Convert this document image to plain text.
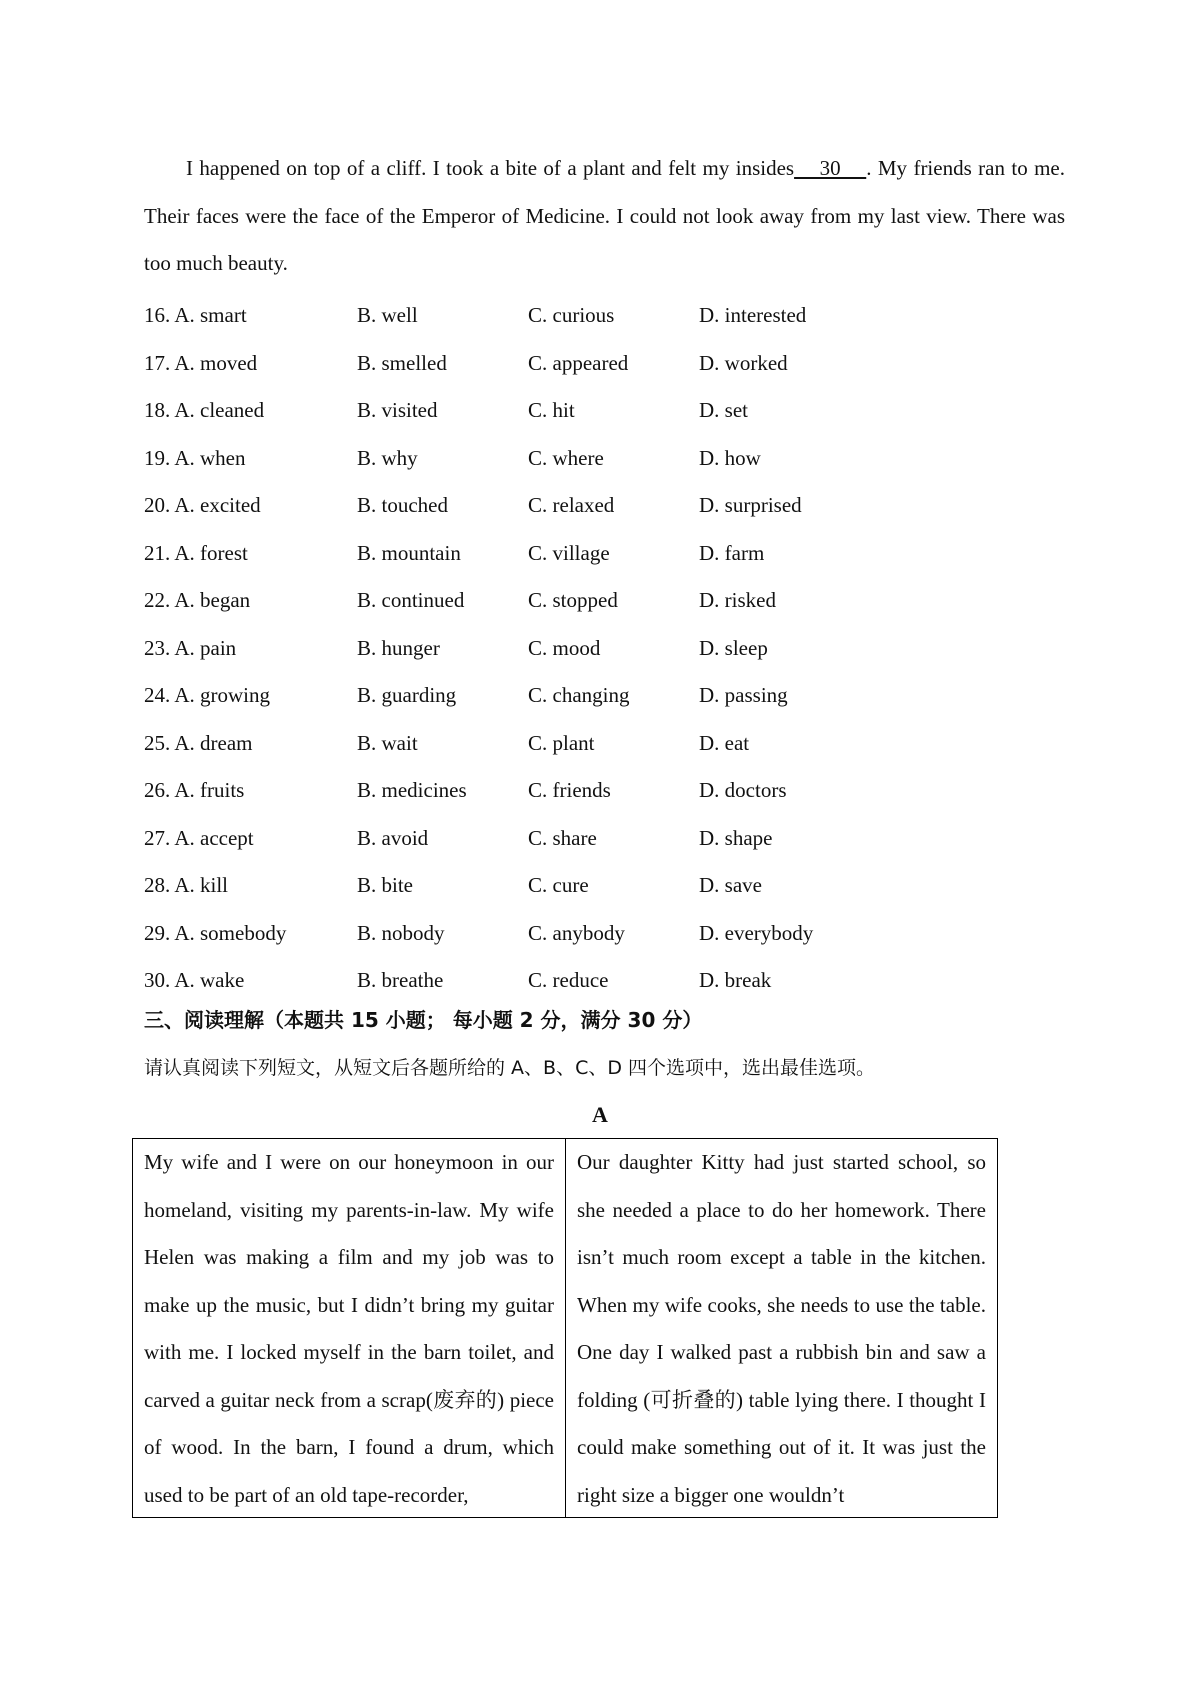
I happened on top of a cliff. I took a bite of a plant and felt my insides    30    . My friends ran to me. Their faces were the face of the Emperor of Medicine. I could not look away from my last view. There was too much beauty.
16. A. smart	B. well	C. curious	D. interested
17. A. moved	B. smelled	C. appeared	D. worked
18. A. cleaned	B. visited	C. hit	D. set
19. A. when	B. why	C. where	D. how
20. A. excited	B. touched	C. relaxed	D. surprised
21. A. forest	B. mountain	C. village	D. farm
22. A. began	B. continued	C. stopped	D. risked
23. A. pain	B. hunger	C. mood	D. sleep
24. A. growing	B. guarding	C. changing	D. passing
25. A. dream	B. wait	C. plant	D. eat
26. A. fruits	B. medicines	C. friends	D. doctors
27. A. accept	B. avoid	C. share	D. shape
28. A. kill	B. bite	C. cure	D. save
29. A. somebody	B. nobody	C. anybody	D. everybody
30. A. wake	B. breathe	C. reduce	D. break
三、阅读理解（本题共 15 小题； 每小题 2 分，满分 30 分）
请认真阅读下列短文，从短文后各题所给的 A、B、C、D 四个选项中，选出最佳选项。
A
My wife and I were on our honeymoon in our homeland, visiting my parents-in-law. My wife Helen was making a film and my job was to make up the music, but I didn’t bring my guitar with me. I locked myself in the barn toilet, and carved a guitar neck from a scrap(废弃的) piece of wood. In the barn, I found a drum, which used to be part of an old tape-recorder,
Our daughter Kitty had just started school, so she needed a place to do her homework. There isn’t much room except a table in the kitchen. When my wife cooks, she needs to use the table. One day I walked past a rubbish bin and saw a folding (可折叠的) table lying there. I thought I could make something out of it. It was just the right size a bigger one wouldn’t
